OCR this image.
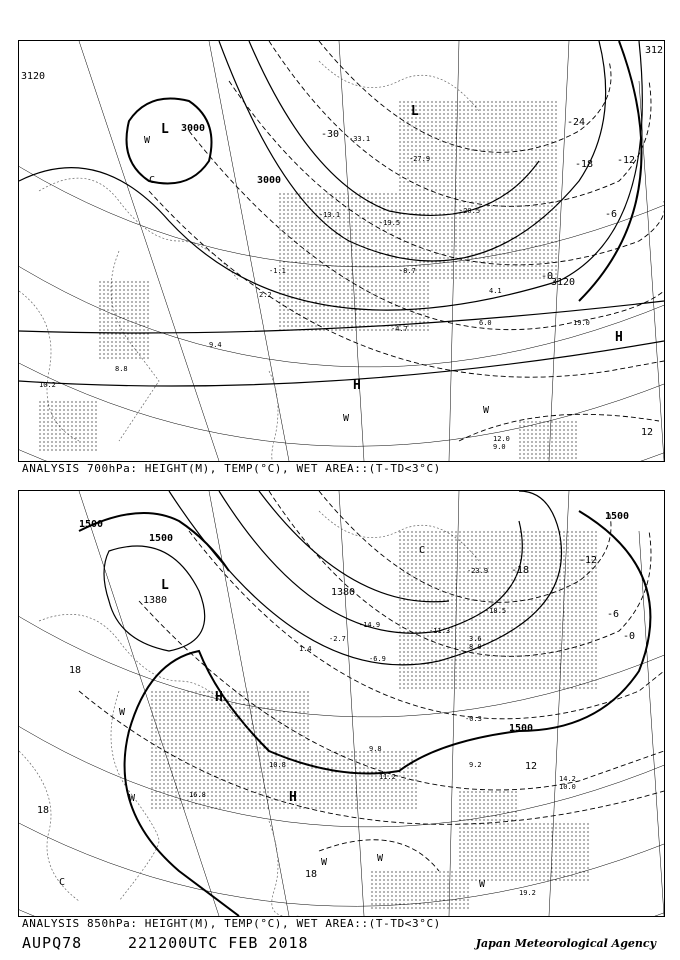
3120
3000
3000
3120
312
-30
-24
-18 -12
-6
-0
12
L
L
H
H
W
W
W
C
-33.1
-27.9
-20.5
-19.5
-13.1
-8.7
-4.7
-1.1
2.2	4.1
6.0
9.4
8.8
10.2
19.0
12.0
9.0
ANALYSIS 700hPa: HEIGHT(M), TEMP(°C), WET AREA::(T-TD<3°C)
1500
1500
1500
1500
1380
1380
-18
-12
-6
-0
12
18
18
18
L
H
H
W
W
W	W
W
C
C
-23.9
-18.5
-14.9
-11.3
-6.9
-2.7
-0.3
1.4
3.6
8.0
9.8
11.2
10.8	9.2
14.2
10.0
16.8
19.2
ANALYSIS 850hPa: HEIGHT(M), TEMP(°C), WET AREA::(T-TD<3°C)
AUPQ78	221200UTC FEB 2018	Japan Meteorological Agency
